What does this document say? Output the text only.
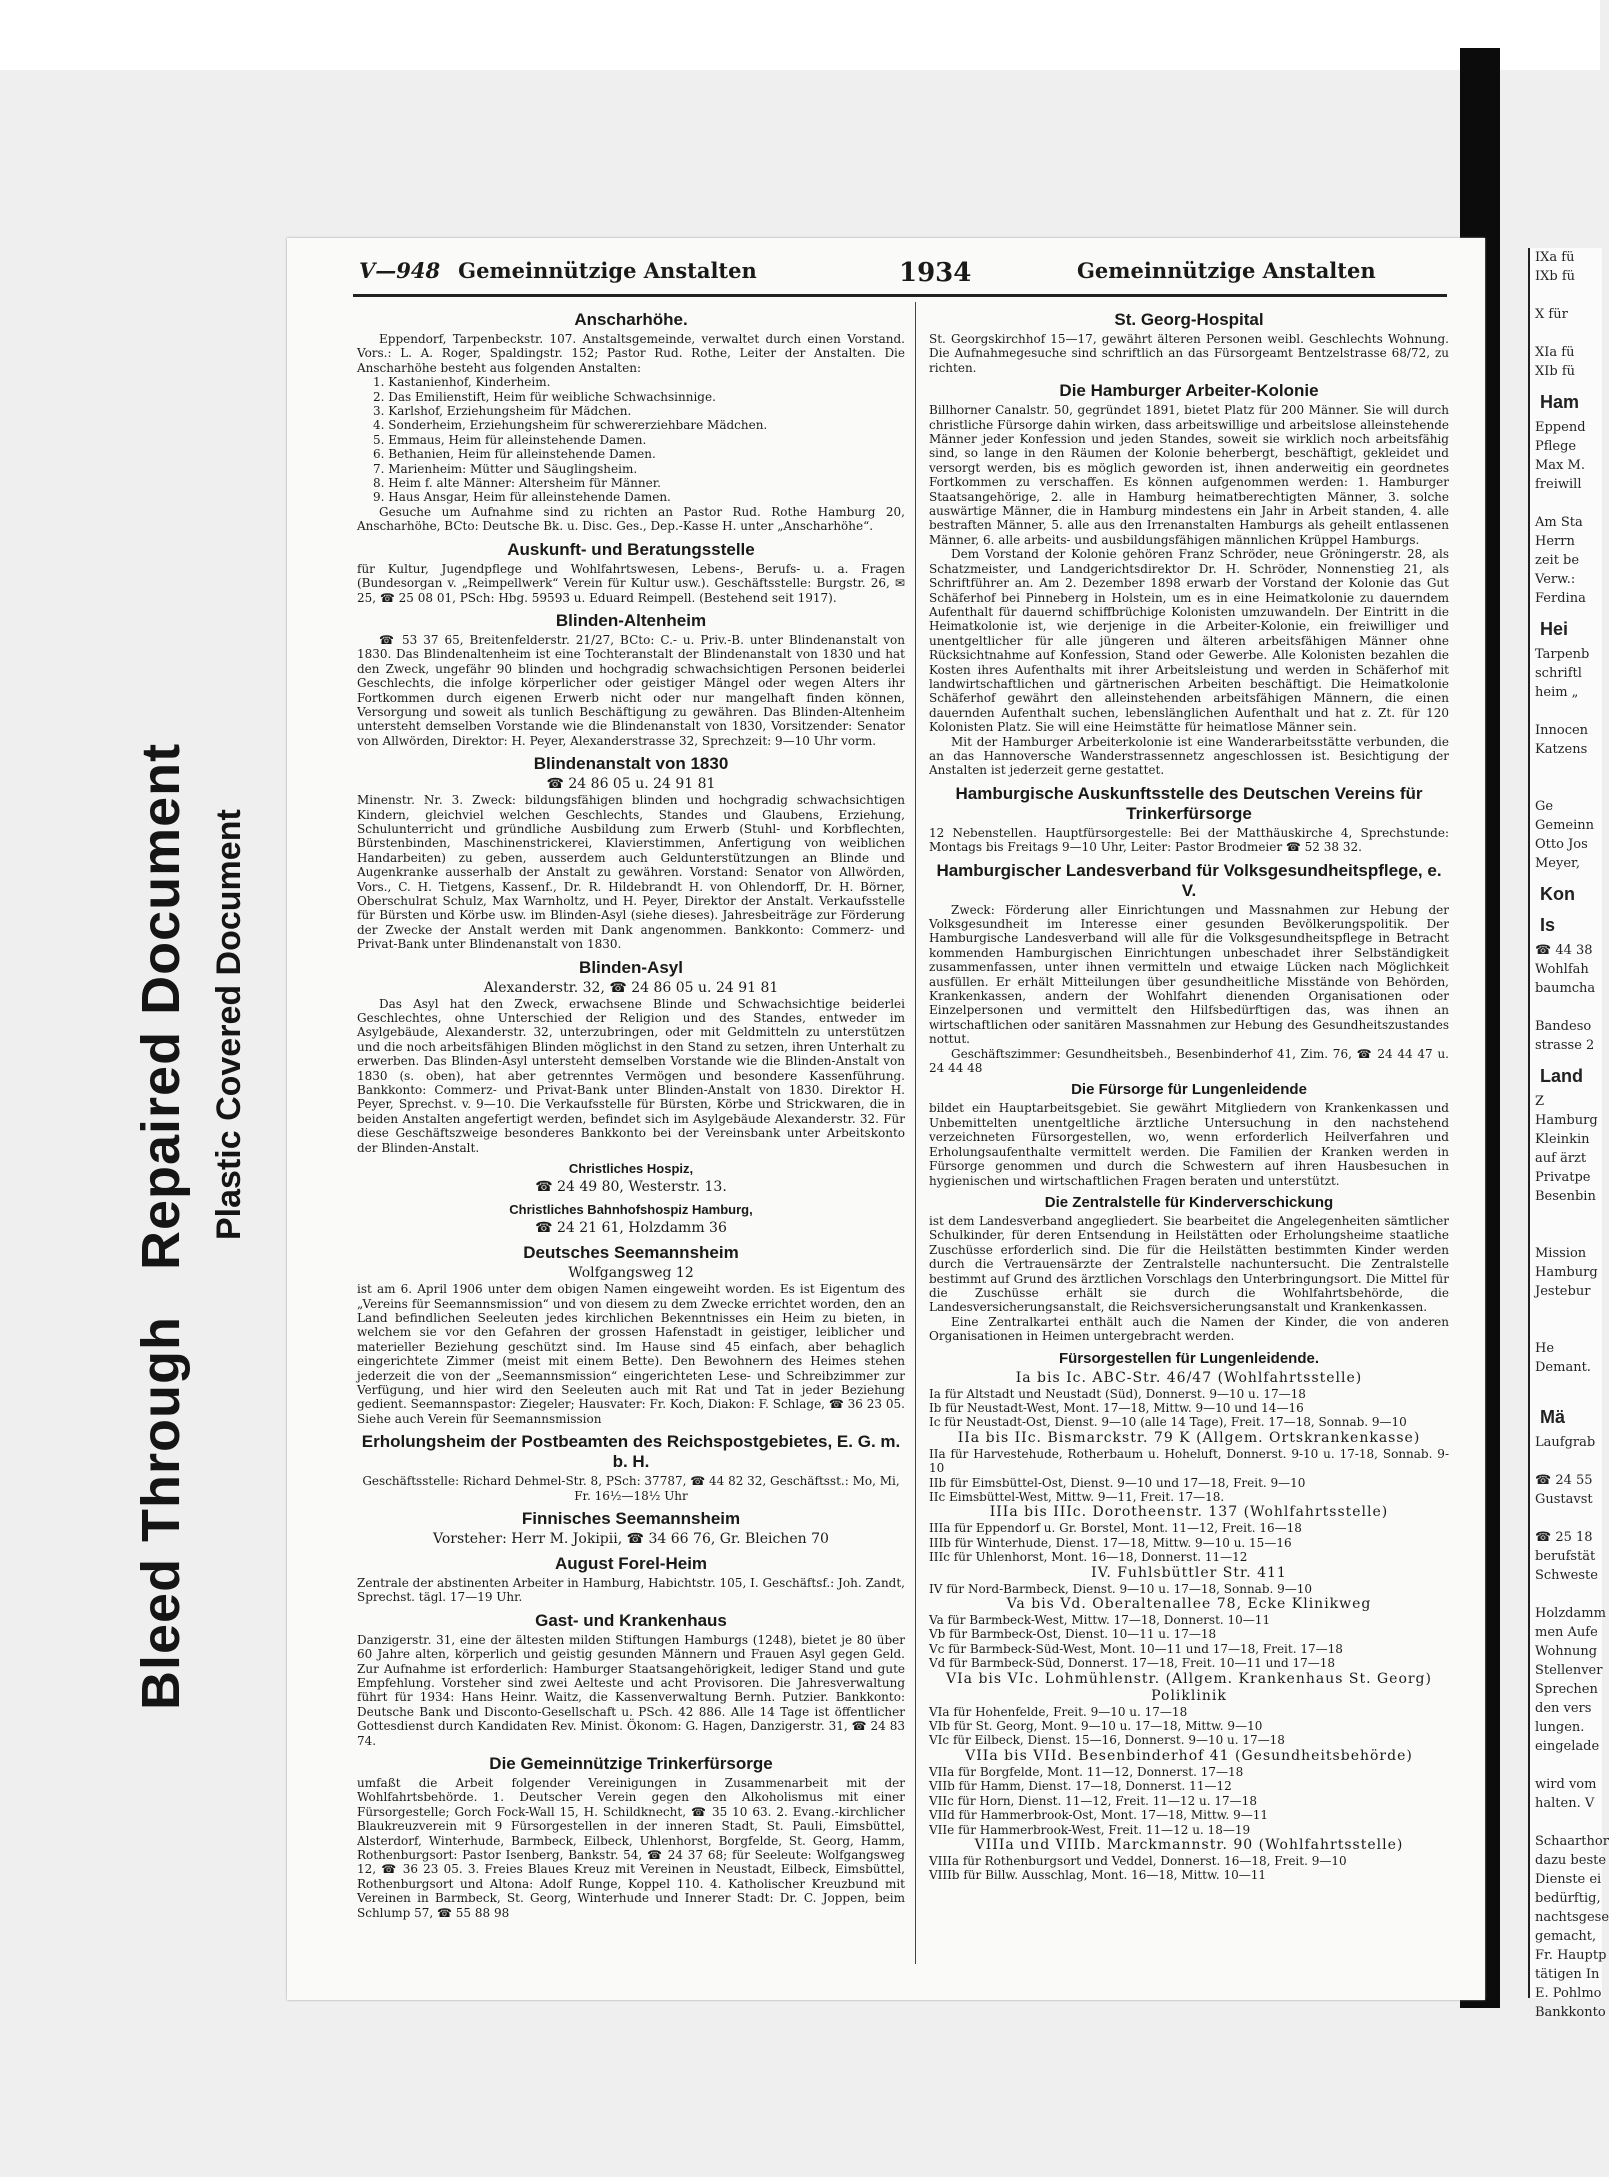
Bleed ThroughRepaired Document Plastic Covered Document
IXa fü
IXb fü

X für

XIa fü
XIb fü
Ham
Eppend
Pflege
Max M.
freiwill

Am Sta
Herrn
zeit be
Verw.:
Ferdina
Hei
Tarpenb
schriftl
heim „

Innocen
Katzens

Ge
Gemeinn
Otto Jos
Meyer,
Kon
Is
☎ 44 38
Wohlfah
baumcha

Bandeso
strasse 2
Land
Z
Hamburg
Kleinkin
auf ärzt
Privatpe
Besenbin

Mission
Hamburg
Jestebur

He
Demant.

Mä
Laufgrab

☎ 24 55
Gustavst

☎ 25 18
berufstät
Schweste

Holzdamm
men Aufe
Wohnung
Stellenver
Sprechen
den vers
lungen.
eingelade

wird vom
halten. V

Schaarthor
dazu beste
Dienste ei
bedürftig,
nachtsgese
gemacht,
Fr. Hauptp
tätigen In
E. Pohlmo
Bankkonto
V—948 Gemeinnützige Anstalten	1934	Gemeinnützige Anstalten
Anscharhöhe.

Eppendorf, Tarpenbeckstr. 107. Anstaltsgemeinde, verwaltet durch einen Vorstand. Vors.: L. A. Roger, Spaldingstr. 152; Pastor Rud. Rothe, Leiter der Anstalten. Die Anscharhöhe besteht aus folgenden Anstalten:

1. Kastanienhof, Kinderheim.
2. Das Emilienstift, Heim für weibliche Schwachsinnige.
3. Karlshof, Erziehungsheim für Mädchen.
4. Sonderheim, Erziehungsheim für schwererziehbare Mädchen.
5. Emmaus, Heim für alleinstehende Damen.
6. Bethanien, Heim für alleinstehende Damen.
7. Marienheim: Mütter und Säuglingsheim.
8. Heim f. alte Männer: Altersheim für Männer.
9. Haus Ansgar, Heim für alleinstehende Damen.

Gesuche um Aufnahme sind zu richten an Pastor Rud. Rothe Hamburg 20, Anscharhöhe, BCto: Deutsche Bk. u. Disc. Ges., Dep.-Kasse H. unter „Anscharhöhe“.

Auskunft- und Beratungsstelle

für Kultur, Jugendpflege und Wohlfahrtswesen, Lebens-, Berufs- u. a. Fragen (Bundesorgan v. „Reimpellwerk“ Verein für Kultur usw.). Geschäftsstelle: Burgstr. 26, ✉ 25, ☎ 25 08 01, PSch: Hbg. 59593 u. Eduard Reimpell. (Bestehend seit 1917).

Blinden-Altenheim

☎ 53 37 65, Breitenfelderstr. 21/27, BCto: C.- u. Priv.-B. unter Blindenanstalt von 1830. Das Blindenaltenheim ist eine Tochteranstalt der Blindenanstalt von 1830 und hat den Zweck, ungefähr 90 blinden und hochgradig schwachsichtigen Personen beiderlei Geschlechts, die infolge körperlicher oder geistiger Mängel oder wegen Alters ihr Fortkommen durch eigenen Erwerb nicht oder nur mangelhaft finden können, Versorgung und soweit als tunlich Beschäftigung zu gewähren. Das Blinden-Altenheim untersteht demselben Vorstande wie die Blindenanstalt von 1830, Vorsitzender: Senator von Allwörden, Direktor: H. Peyer, Alexanderstrasse 32, Sprechzeit: 9—10 Uhr vorm.

Blindenanstalt von 1830
☎ 24 86 05 u. 24 91 81

Minenstr. Nr. 3. Zweck: bildungsfähigen blinden und hochgradig schwachsichtigen Kindern, gleichviel welchen Geschlechts, Standes und Glaubens, Erziehung, Schulunterricht und gründliche Ausbildung zum Erwerb (Stuhl- und Korbflechten, Bürstenbinden, Maschinenstrickerei, Klavierstimmen, Anfertigung von weiblichen Handarbeiten) zu geben, ausserdem auch Geldunterstützungen an Blinde und Augenkranke ausserhalb der Anstalt zu gewähren. Vorstand: Senator von Allwörden, Vors., C. H. Tietgens, Kassenf., Dr. R. Hildebrandt H. von Ohlendorff, Dr. H. Börner, Oberschulrat Schulz, Max Warnholtz, und H. Peyer, Direktor der Anstalt. Verkaufsstelle für Bürsten und Körbe usw. im Blinden-Asyl (siehe dieses). Jahresbeiträge zur Förderung der Zwecke der Anstalt werden mit Dank angenommen. Bankkonto: Commerz- und Privat-Bank unter Blindenanstalt von 1830.

Blinden-Asyl
Alexanderstr. 32, ☎ 24 86 05 u. 24 91 81

Das Asyl hat den Zweck, erwachsene Blinde und Schwachsichtige beiderlei Geschlechtes, ohne Unterschied der Religion und des Standes, entweder im Asylgebäude, Alexanderstr. 32, unterzubringen, oder mit Geldmitteln zu unterstützen und die noch arbeitsfähigen Blinden möglichst in den Stand zu setzen, ihren Unterhalt zu erwerben. Das Blinden-Asyl untersteht demselben Vorstande wie die Blinden-Anstalt von 1830 (s. oben), hat aber getrenntes Vermögen und besondere Kassenführung. Bankkonto: Commerz- und Privat-Bank unter Blinden-Anstalt von 1830. Direktor H. Peyer, Sprechst. v. 9—10. Die Verkaufsstelle für Bürsten, Körbe und Strickwaren, die in beiden Anstalten angefertigt werden, befindet sich im Asylgebäude Alexanderstr. 32. Für diese Geschäftszweige besonderes Bankkonto bei der Vereinsbank unter Arbeitskonto der Blinden-Anstalt.

Christliches Hospiz,
☎ 24 49 80, Westerstr. 13.
Christliches Bahnhofshospiz Hamburg,
☎ 24 21 61, Holzdamm 36
Deutsches Seemannsheim
Wolfgangsweg 12

ist am 6. April 1906 unter dem obigen Namen eingeweiht worden. Es ist Eigentum des „Vereins für Seemannsmission“ und von diesem zu dem Zwecke errichtet worden, den an Land befindlichen Seeleuten jedes kirchlichen Bekenntnisses ein Heim zu bieten, in welchem sie vor den Gefahren der grossen Hafenstadt in geistiger, leiblicher und materieller Beziehung geschützt sind. Im Hause sind 45 einfach, aber behaglich eingerichtete Zimmer (meist mit einem Bette). Den Bewohnern des Heimes stehen jederzeit die von der „Seemannsmission“ eingerichteten Lese- und Schreibzimmer zur Verfügung, und hier wird den Seeleuten auch mit Rat und Tat in jeder Beziehung gedient. Seemannspastor: Ziegeler; Hausvater: Fr. Koch, Diakon: F. Schlage, ☎ 36 23 05. Siehe auch Verein für Seemannsmission

Erholungsheim der Postbeamten des Reichspostgebietes, E. G. m. b. H.

Geschäftsstelle: Richard Dehmel-Str. 8, PSch: 37787, ☎ 44 82 32, Geschäftsst.: Mo, Mi, Fr. 16½—18½ Uhr

Finnisches Seemannsheim
Vorsteher: Herr M. Jokipii, ☎ 34 66 76, Gr. Bleichen 70
August Forel-Heim

Zentrale der abstinenten Arbeiter in Hamburg, Habichtstr. 105, I. Geschäftsf.: Joh. Zandt, Sprechst. tägl. 17—19 Uhr.

Gast- und Krankenhaus

Danzigerstr. 31, eine der ältesten milden Stiftungen Hamburgs (1248), bietet je 80 über 60 Jahre alten, körperlich und geistig gesunden Männern und Frauen Asyl gegen Geld. Zur Aufnahme ist erforderlich: Hamburger Staatsangehörigkeit, lediger Stand und gute Empfehlung. Vorsteher sind zwei Aelteste und acht Provisoren. Die Jahresverwaltung führt für 1934: Hans Heinr. Waitz, die Kassenverwaltung Bernh. Putzier. Bankkonto: Deutsche Bank und Disconto-Gesellschaft u. PSch. 42 886. Alle 14 Tage ist öffentlicher Gottesdienst durch Kandidaten Rev. Minist. Ökonom: G. Hagen, Danzigerstr. 31, ☎ 24 83 74.

Die Gemeinnützige Trinkerfürsorge

umfaßt die Arbeit folgender Vereinigungen in Zusammenarbeit mit der Wohlfahrtsbehörde. 1. Deutscher Verein gegen den Alkoholismus mit einer Fürsorgestelle; Gorch Fock-Wall 15, H. Schildknecht, ☎ 35 10 63. 2. Evang.-kirchlicher Blaukreuzverein mit 9 Fürsorgestellen in der inneren Stadt, St. Pauli, Eimsbüttel, Alsterdorf, Winterhude, Barmbeck, Eilbeck, Uhlenhorst, Borgfelde, St. Georg, Hamm, Rothenburgsort: Pastor Isenberg, Bankstr. 54, ☎ 24 37 68; für Seeleute: Wolfgangsweg 12, ☎ 36 23 05. 3. Freies Blaues Kreuz mit Vereinen in Neustadt, Eilbeck, Eimsbüttel, Rothenburgsort und Altona: Adolf Runge, Koppel 110. 4. Katholischer Kreuzbund mit Vereinen in Barmbeck, St. Georg, Winterhude und Innerer Stadt: Dr. C. Joppen, beim Schlump 57, ☎ 55 88 98

St. Georg-Hospital

St. Georgskirchhof 15—17, gewährt älteren Personen weibl. Geschlechts Wohnung. Die Aufnahmegesuche sind schriftlich an das Fürsorgeamt Bentzelstrasse 68/72, zu richten.

Die Hamburger Arbeiter-Kolonie

Billhorner Canalstr. 50, gegründet 1891, bietet Platz für 200 Männer. Sie will durch christliche Fürsorge dahin wirken, dass arbeitswillige und arbeitslose alleinstehende Männer jeder Konfession und jeden Standes, soweit sie wirklich noch arbeitsfähig sind, so lange in den Räumen der Kolonie beherbergt, beschäftigt, gekleidet und versorgt werden, bis es möglich geworden ist, ihnen anderweitig ein geordnetes Fortkommen zu verschaffen. Es können aufgenommen werden: 1. Hamburger Staatsangehörige, 2. alle in Hamburg heimatberechtigten Männer, 3. solche auswärtige Männer, die in Hamburg mindestens ein Jahr in Arbeit standen, 4. alle bestraften Männer, 5. alle aus den Irrenanstalten Hamburgs als geheilt entlassenen Männer, 6. alle arbeits- und ausbildungsfähigen männlichen Krüppel Hamburgs.

Dem Vorstand der Kolonie gehören Franz Schröder, neue Gröningerstr. 28, als Schatzmeister, und Landgerichtsdirektor Dr. H. Schröder, Nonnenstieg 21, als Schriftführer an. Am 2. Dezember 1898 erwarb der Vorstand der Kolonie das Gut Schäferhof bei Pinneberg in Holstein, um es in eine Heimatkolonie zu dauerndem Aufenthalt für dauernd schiffbrüchige Kolonisten umzuwandeln. Der Eintritt in die Heimatkolonie ist, wie derjenige in die Arbeiter-Kolonie, ein freiwilliger und unentgeltlicher für alle jüngeren und älteren arbeitsfähigen Männer ohne Rücksichtnahme auf Konfession, Stand oder Gewerbe. Alle Kolonisten bezahlen die Kosten ihres Aufenthalts mit ihrer Arbeitsleistung und werden in Schäferhof mit landwirtschaftlichen und gärtnerischen Arbeiten beschäftigt. Die Heimatkolonie Schäferhof gewährt den alleinstehenden arbeitsfähigen Männern, die einen dauernden Aufenthalt suchen, lebenslänglichen Aufenthalt und hat z. Zt. für 120 Kolonisten Platz. Sie will eine Heimstätte für heimatlose Männer sein.

Mit der Hamburger Arbeiterkolonie ist eine Wanderarbeitsstätte verbunden, die an das Hannoversche Wanderstrassennetz angeschlossen ist. Besichtigung der Anstalten ist jederzeit gerne gestattet.

Hamburgische Auskunftsstelle des Deutschen Vereins für Trinkerfürsorge

12 Nebenstellen. Hauptfürsorgestelle: Bei der Matthäuskirche 4, Sprechstunde: Montags bis Freitags 9—10 Uhr, Leiter: Pastor Brodmeier ☎ 52 38 32.

Hamburgischer Landesverband für Volksgesundheitspflege, e. V.

Zweck: Förderung aller Einrichtungen und Massnahmen zur Hebung der Volksgesundheit im Interesse einer gesunden Bevölkerungspolitik. Der Hamburgische Landesverband will alle für die Volksgesundheitspflege in Betracht kommenden Hamburgischen Einrichtungen unbeschadet ihrer Selbständigkeit zusammenfassen, unter ihnen vermitteln und etwaige Lücken nach Möglichkeit ausfüllen. Er erhält Mitteilungen über gesundheitliche Misstände von Behörden, Krankenkassen, andern der Wohlfahrt dienenden Organisationen oder Einzelpersonen und vermittelt den Hilfsbedürftigen das, was ihnen an wirtschaftlichen oder sanitären Massnahmen zur Hebung des Gesundheitszustandes nottut.

Geschäftszimmer: Gesundheitsbeh., Besenbinderhof 41, Zim. 76, ☎ 24 44 47 u. 24 44 48

Die Fürsorge für Lungenleidende

bildet ein Hauptarbeitsgebiet. Sie gewährt Mitgliedern von Krankenkassen und Unbemittelten unentgeltliche ärztliche Untersuchung in den nachstehend verzeichneten Fürsorgestellen, wo, wenn erforderlich Heilverfahren und Erholungsaufenthalte vermittelt werden. Die Familien der Kranken werden in Fürsorge genommen und durch die Schwestern auf ihren Hausbesuchen in hygienischen und wirtschaftlichen Fragen beraten und unterstützt.

Die Zentralstelle für Kinderverschickung

ist dem Landesverband angegliedert. Sie bearbeitet die Angelegenheiten sämtlicher Schulkinder, für deren Entsendung in Heilstätten oder Erholungsheime staatliche Zuschüsse erforderlich sind. Die für die Heilstätten bestimmten Kinder werden durch die Vertrauensärzte der Zentralstelle nachuntersucht. Die Zentralstelle bestimmt auf Grund des ärztlichen Vorschlags den Unterbringungsort. Die Mittel für die Zuschüsse erhält sie durch die Wohlfahrtsbehörde, die Landesversicherungsanstalt, die Reichsversicherungsanstalt und Krankenkassen.

Eine Zentralkartei enthält auch die Namen der Kinder, die von anderen Organisationen in Heimen untergebracht werden.

Fürsorgestellen für Lungenleidende.
Ia bis Ic. ABC-Str. 46/47 (Wohlfahrtsstelle)
Ia für Altstadt und Neustadt (Süd), Donnerst. 9—10 u. 17—18
Ib für Neustadt-West, Mont. 17—18, Mittw. 9—10 und 14—16
Ic für Neustadt-Ost, Dienst. 9—10 (alle 14 Tage), Freit. 17—18, Sonnab. 9—10
IIa bis IIc. Bismarckstr. 79 K (Allgem. Ortskrankenkasse)
IIa für Harvestehude, Rotherbaum u. Hoheluft, Donnerst. 9-10 u. 17-18, Sonnab. 9-10
IIb für Eimsbüttel-Ost, Dienst. 9—10 und 17—18, Freit. 9—10
IIc Eimsbüttel-West, Mittw. 9—11, Freit. 17—18.
IIIa bis IIIc. Dorotheenstr. 137 (Wohlfahrtsstelle)
IIIa für Eppendorf u. Gr. Borstel, Mont. 11—12, Freit. 16—18
IIIb für Winterhude, Dienst. 17—18, Mittw. 9—10 u. 15—16
IIIc für Uhlenhorst, Mont. 16—18, Donnerst. 11—12
IV. Fuhlsbüttler Str. 411
IV für Nord-Barmbeck, Dienst. 9—10 u. 17—18, Sonnab. 9—10
Va bis Vd. Oberaltenallee 78, Ecke Klinikweg
Va für Barmbeck-West, Mittw. 17—18, Donnerst. 10—11
Vb für Barmbeck-Ost, Dienst. 10—11 u. 17—18
Vc für Barmbeck-Süd-West, Mont. 10—11 und 17—18, Freit. 17—18
Vd für Barmbeck-Süd, Donnerst. 17—18, Freit. 10—11 und 17—18
VIa bis VIc. Lohmühlenstr. (Allgem. Krankenhaus St. Georg) Poliklinik
VIa für Hohenfelde, Freit. 9—10 u. 17—18
VIb für St. Georg, Mont. 9—10 u. 17—18, Mittw. 9—10
VIc für Eilbeck, Dienst. 15—16, Donnerst. 9—10 u. 17—18
VIIa bis VIId. Besenbinderhof 41 (Gesundheitsbehörde)
VIIa für Borgfelde, Mont. 11—12, Donnerst. 17—18
VIIb für Hamm, Dienst. 17—18, Donnerst. 11—12
VIIc für Horn, Dienst. 11—12, Freit. 11—12 u. 17—18
VIId für Hammerbrook-Ost, Mont. 17—18, Mittw. 9—11
VIIe für Hammerbrook-West, Freit. 11—12 u. 18—19
VIIIa und VIIIb. Marckmannstr. 90 (Wohlfahrtsstelle)
VIIIa für Rothenburgsort und Veddel, Donnerst. 16—18, Freit. 9—10
VIIIb für Billw. Ausschlag, Mont. 16—18, Mittw. 10—11
